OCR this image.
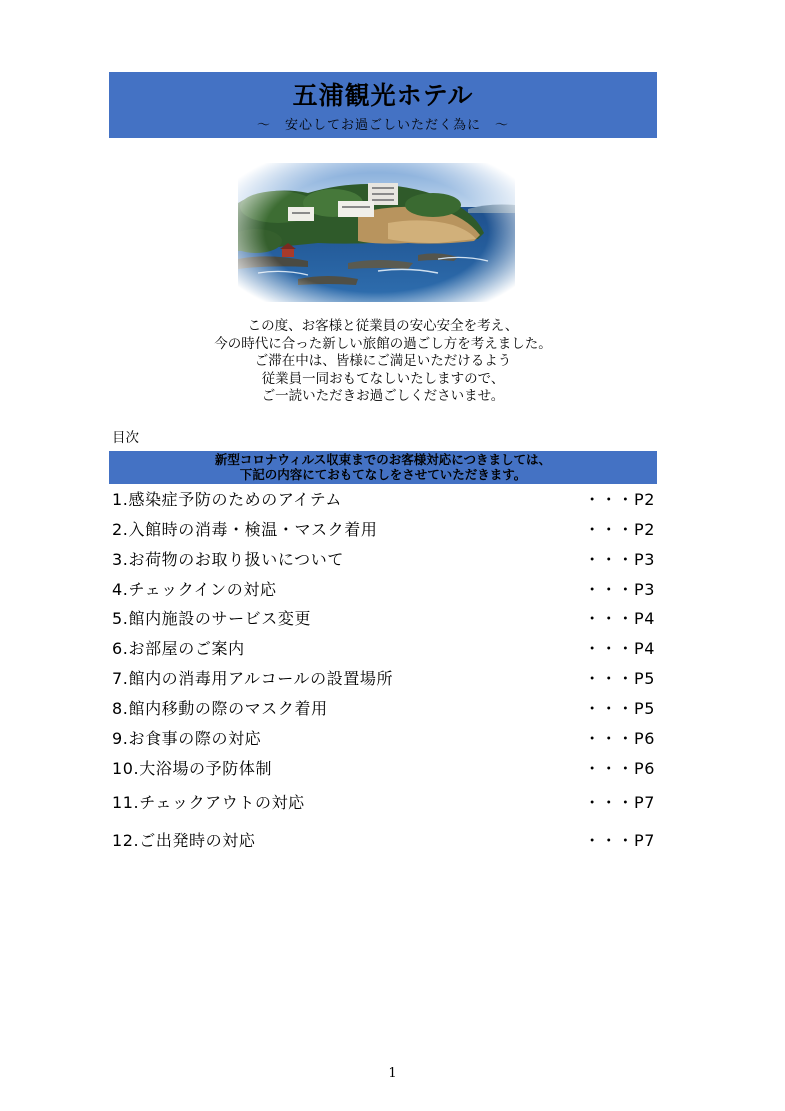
五浦観光ホテル
～　安心してお過ごしいただく為に　～
この度、お客様と従業員の安心安全を考え、
今の時代に合った新しい旅館の過ごし方を考えました。
ご滞在中は、皆様にご満足いただけるよう
従業員一同おもてなしいたしますので、
ご一読いただきお過ごしくださいませ。
目次
新型コロナウィルス収束までのお客様対応につきましては、
下記の内容にておもてなしをさせていただきます。
1.感染症予防のためのアイテム	・・・P2
2.入館時の消毒・検温・マスク着用	・・・P2
3.お荷物のお取り扱いについて	・・・P3
4.チェックインの対応	・・・P3
5.館内施設のサービス変更	・・・P4
6.お部屋のご案内	・・・P4
7.館内の消毒用アルコールの設置場所	・・・P5
8.館内移動の際のマスク着用	・・・P5
9.お食事の際の対応	・・・P6
10.大浴場の予防体制	・・・P6
11.チェックアウトの対応	・・・P7
12.ご出発時の対応	・・・P7
1
